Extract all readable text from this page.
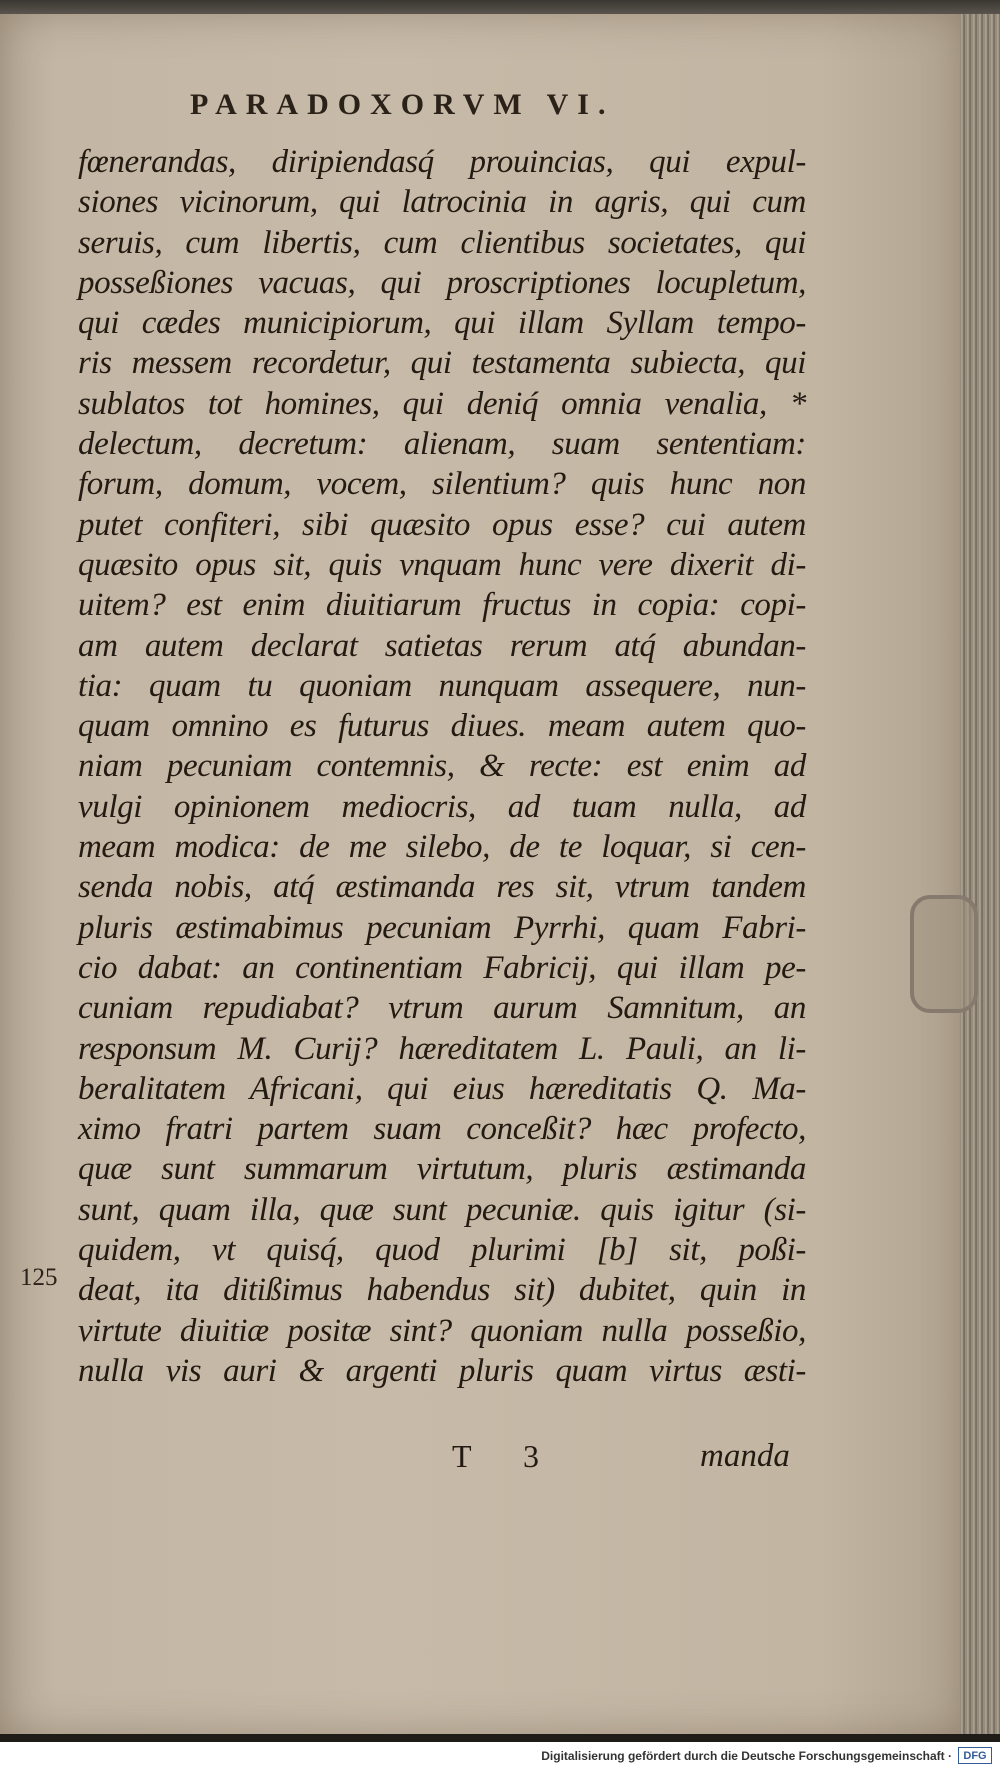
PARADOXORVM VI.
fœnerandas, diripiendasq́ prouincias, qui expul-
siones vicinorum, qui latrocinia in agris, qui cum
seruis, cum libertis, cum clientibus societates, qui
posseßiones vacuas, qui proscriptiones locupletum,
qui cædes municipiorum, qui illam Syllam tempo-
ris messem recordetur, qui testamenta subiecta, qui
sublatos tot homines, qui deniq́ omnia venalia, *
delectum, decretum: alienam, suam sententiam:
forum, domum, vocem, silentium? quis hunc non
putet confiteri, sibi quæsito opus esse? cui autem
quæsito opus sit, quis vnquam hunc vere dixerit di-
uitem? est enim diuitiarum fructus in copia: copi-
am autem declarat satietas rerum atq́ abundan-
tia: quam tu quoniam nunquam assequere, nun-
quam omnino es futurus diues. meam autem quo-
niam pecuniam contemnis, & recte: est enim ad
vulgi opinionem mediocris, ad tuam nulla, ad
meam modica: de me silebo, de te loquar, si cen-
senda nobis, atq́ æstimanda res sit, vtrum tandem
pluris æstimabimus pecuniam Pyrrhi, quam Fabri-
cio dabat: an continentiam Fabricij, qui illam pe-
cuniam repudiabat? vtrum aurum Samnitum, an
responsum M. Curij? hæreditatem L. Pauli, an li-
beralitatem Africani, qui eius hæreditatis Q. Ma-
ximo fratri partem suam conceßit? hæc profecto,
quæ sunt summarum virtutum, pluris æstimanda
sunt, quam illa, quæ sunt pecuniæ. quis igitur (si-
quidem, vt quisq́, quod plurimi [b] sit, poßi-
deat, ita ditißimus habendus sit) dubitet, quin in
virtute diuitiæ positæ sint? quoniam nulla posseßio,
nulla vis auri & argenti pluris quam virtus æsti-
125
T 3	manda
Digitalisierung gefördert durch die Deutsche Forschungsgemeinschaft ·	DFG
